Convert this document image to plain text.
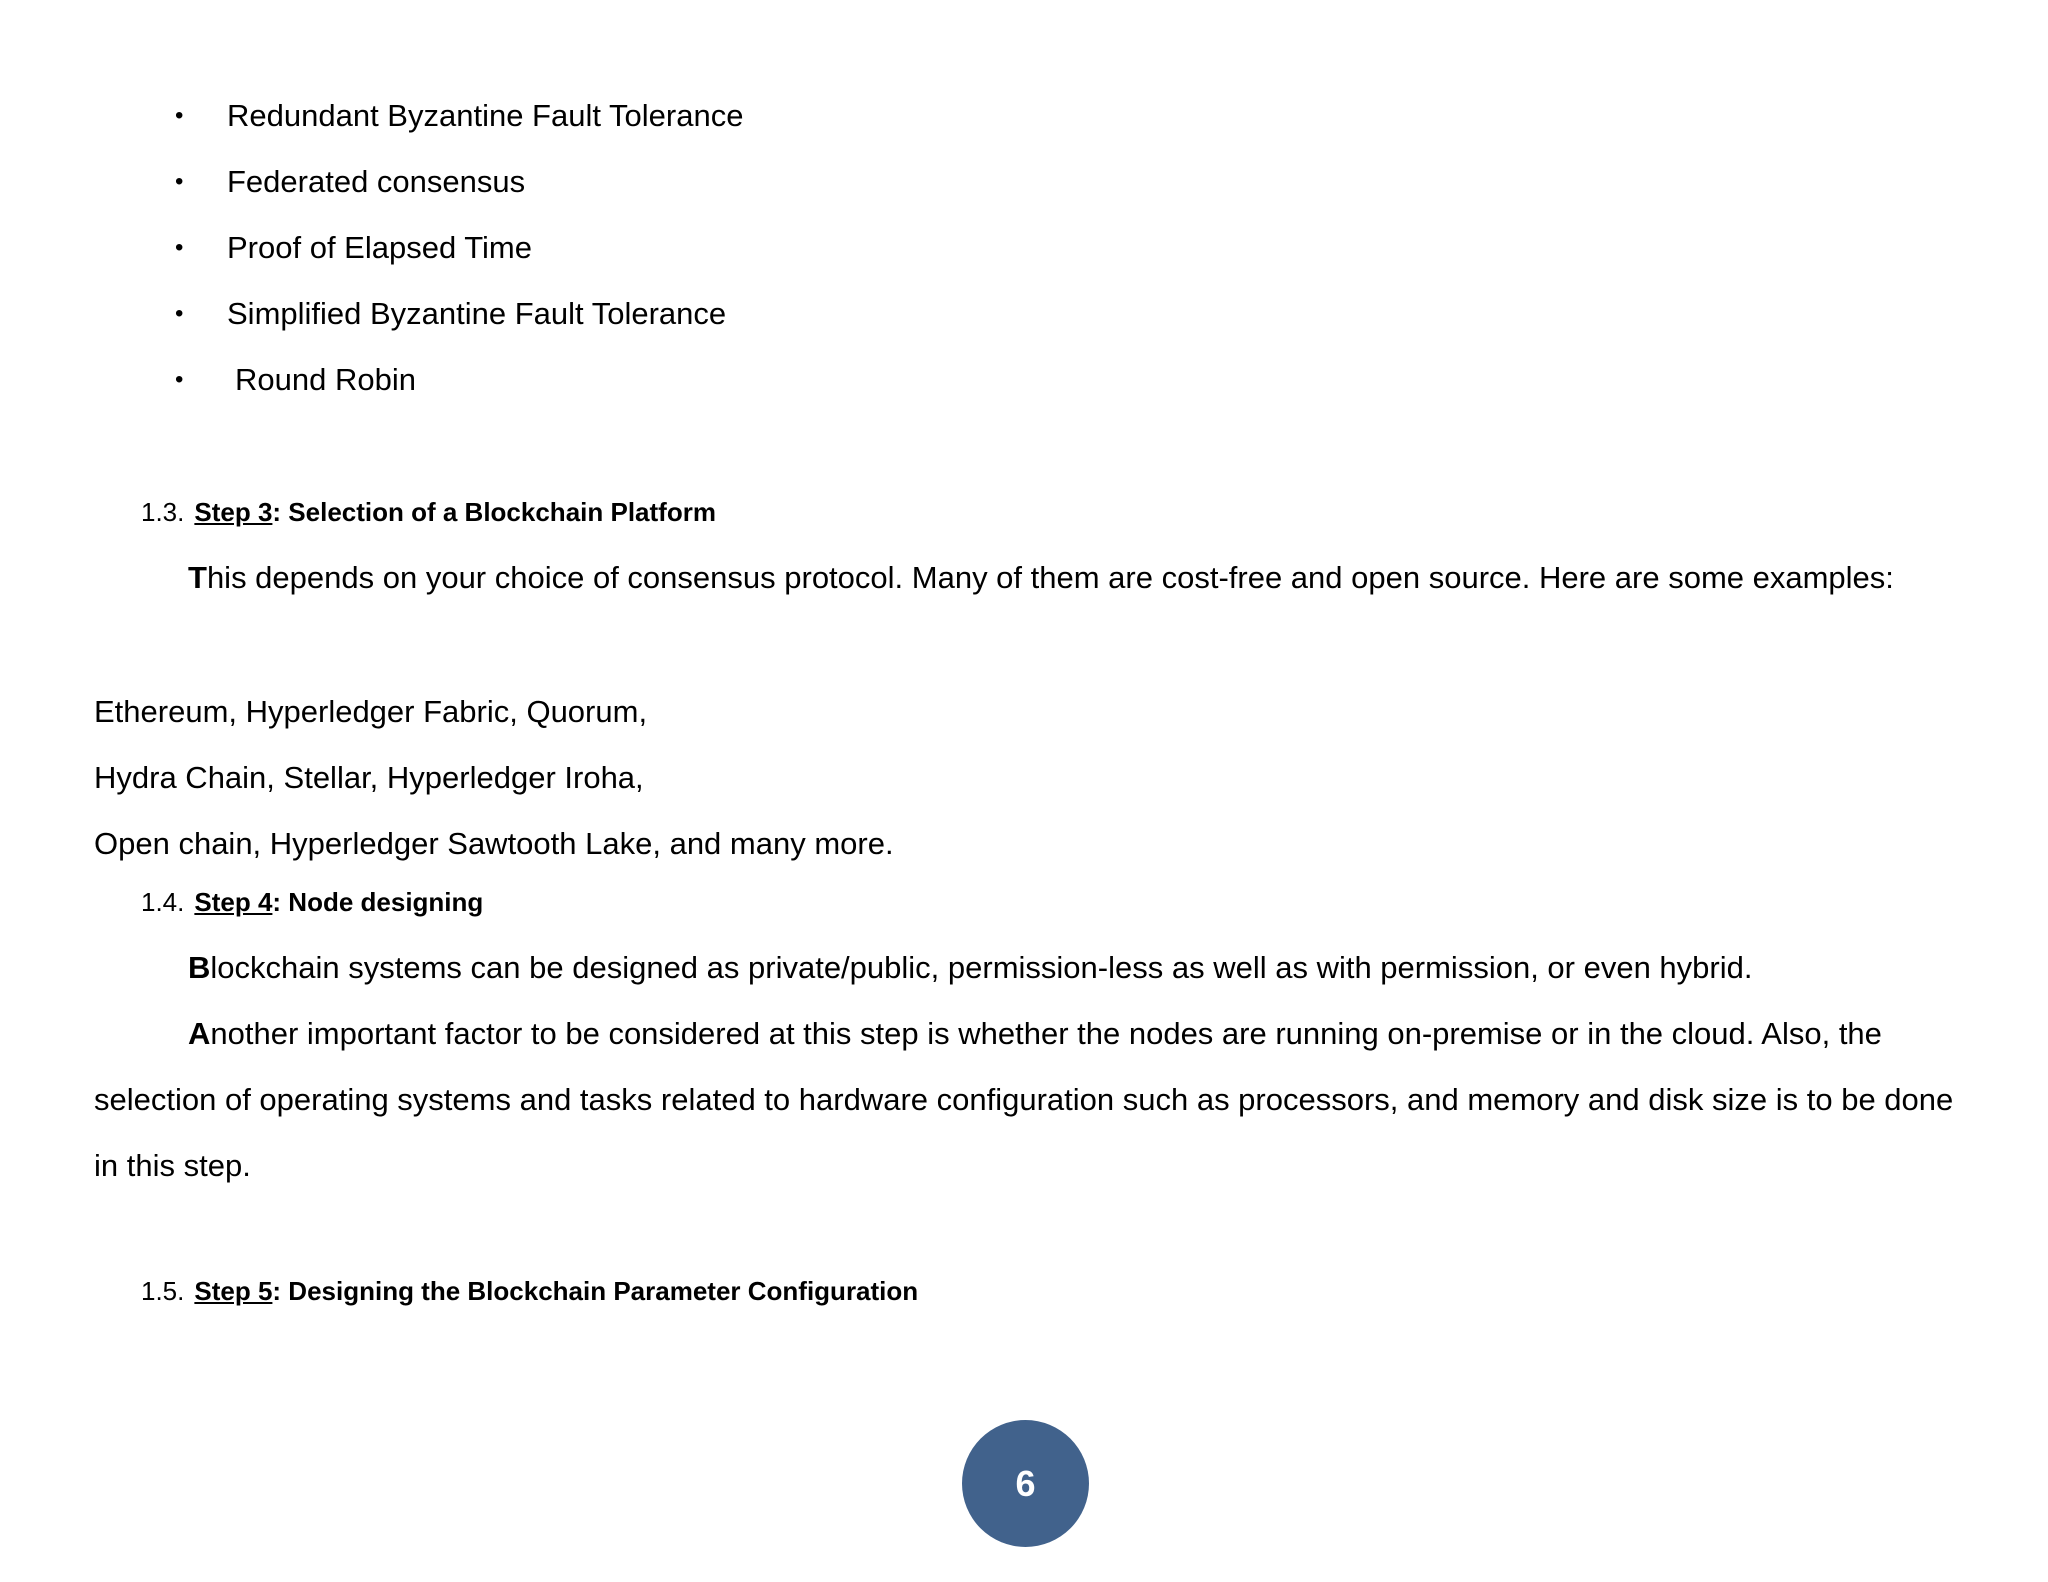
• Redundant Byzantine Fault Tolerance
• Federated consensus
• Proof of Elapsed Time
• Simplified Byzantine Fault Tolerance
• Round Robin
1.3. Step 3: Selection of a Blockchain Platform

This depends on your choice of consensus protocol. Many of them are cost-free and open source. Here are some examples:

Ethereum, Hyperledger Fabric, Quorum,
Hydra Chain, Stellar, Hyperledger Iroha,
Open chain, Hyperledger Sawtooth Lake, and many more.
1.4. Step 4: Node designing

Blockchain systems can be designed as private/public, permission-less as well as with permission, or even hybrid.

Another important factor to be considered at this step is whether the nodes are running on-premise or in the cloud. Also, the selection of operating systems and tasks related to hardware configuration such as processors, and memory and disk size is to be done in this step.

1.5. Step 5: Designing the Blockchain Parameter Configuration
6
